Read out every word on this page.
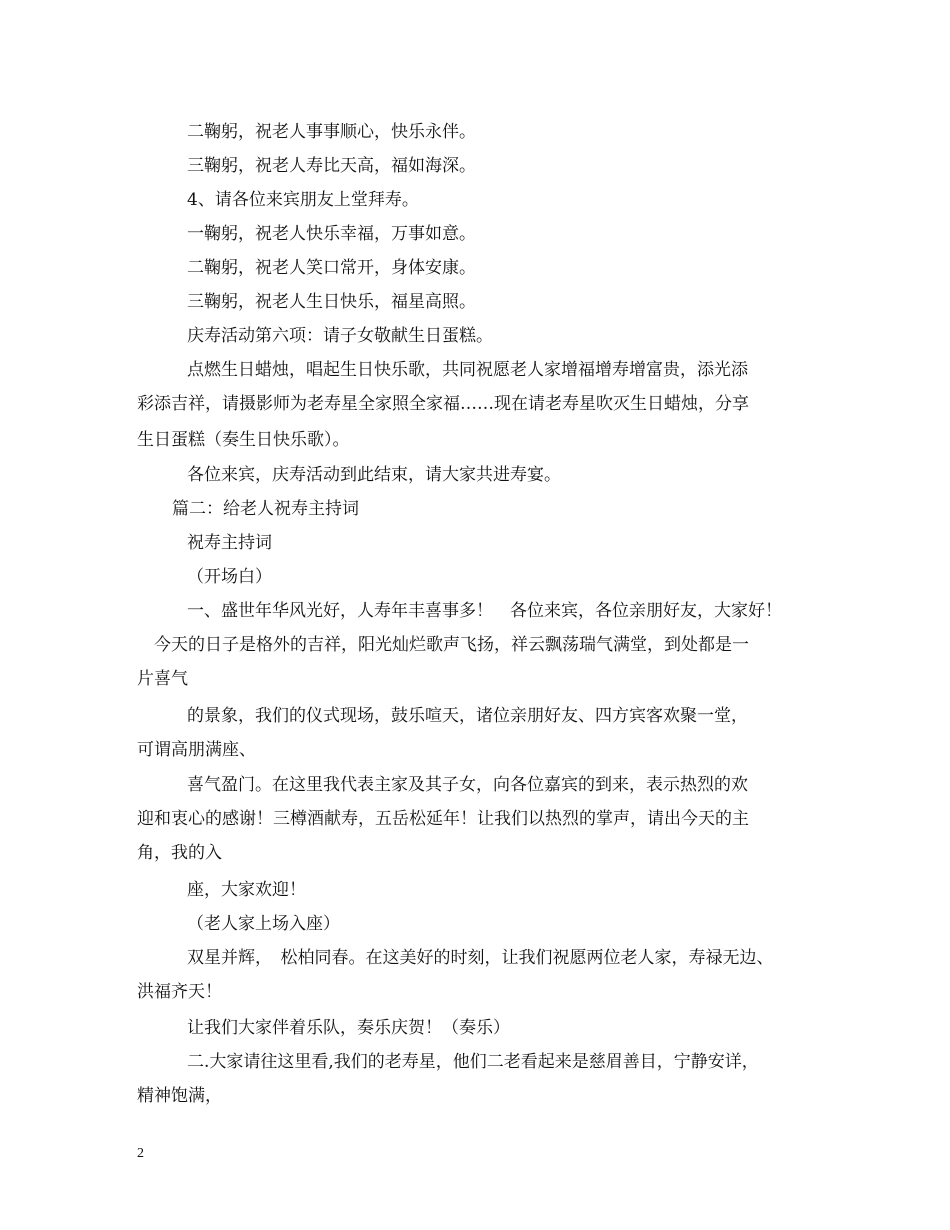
二鞠躬，祝老人事事顺心，快乐永伴。
三鞠躬，祝老人寿比天高，福如海深。
4、请各位来宾朋友上堂拜寿。
一鞠躬，祝老人快乐幸福，万事如意。
二鞠躬，祝老人笑口常开，身体安康。
三鞠躬，祝老人生日快乐，福星高照。
庆寿活动第六项：请子女敬献生日蛋糕。
点燃生日蜡烛，唱起生日快乐歌，共同祝愿老人家增福增寿增富贵，添光添
彩添吉祥，请摄影师为老寿星全家照全家福……现在请老寿星吹灭生日蜡烛，分享
生日蛋糕（奏生日快乐歌）。
各位来宾，庆寿活动到此结束，请大家共进寿宴。
篇二：给老人祝寿主持词
祝寿主持词
（开场白）
一、盛世年华风光好，人寿年丰喜事多！　各位来宾，各位亲朋好友，大家好！
今天的日子是格外的吉祥，阳光灿烂歌声飞扬，祥云飘荡瑞气满堂，到处都是一
片喜气
的景象，我们的仪式现场，鼓乐喧天，诸位亲朋好友、四方宾客欢聚一堂，
可谓高朋满座、
喜气盈门。在这里我代表主家及其子女，向各位嘉宾的到来，表示热烈的欢
迎和衷心的感谢！三樽酒献寿，五岳松延年！让我们以热烈的掌声，请出今天的主
角，我的入
座，大家欢迎！
（老人家上场入座）
双星并辉，　松柏同春。在这美好的时刻，让我们祝愿两位老人家，寿禄无边、
洪福齐天！
让我们大家伴着乐队，奏乐庆贺！（奏乐）
二.大家请往这里看,我们的老寿星，他们二老看起来是慈眉善目，宁静安详，
精神饱满，
2
